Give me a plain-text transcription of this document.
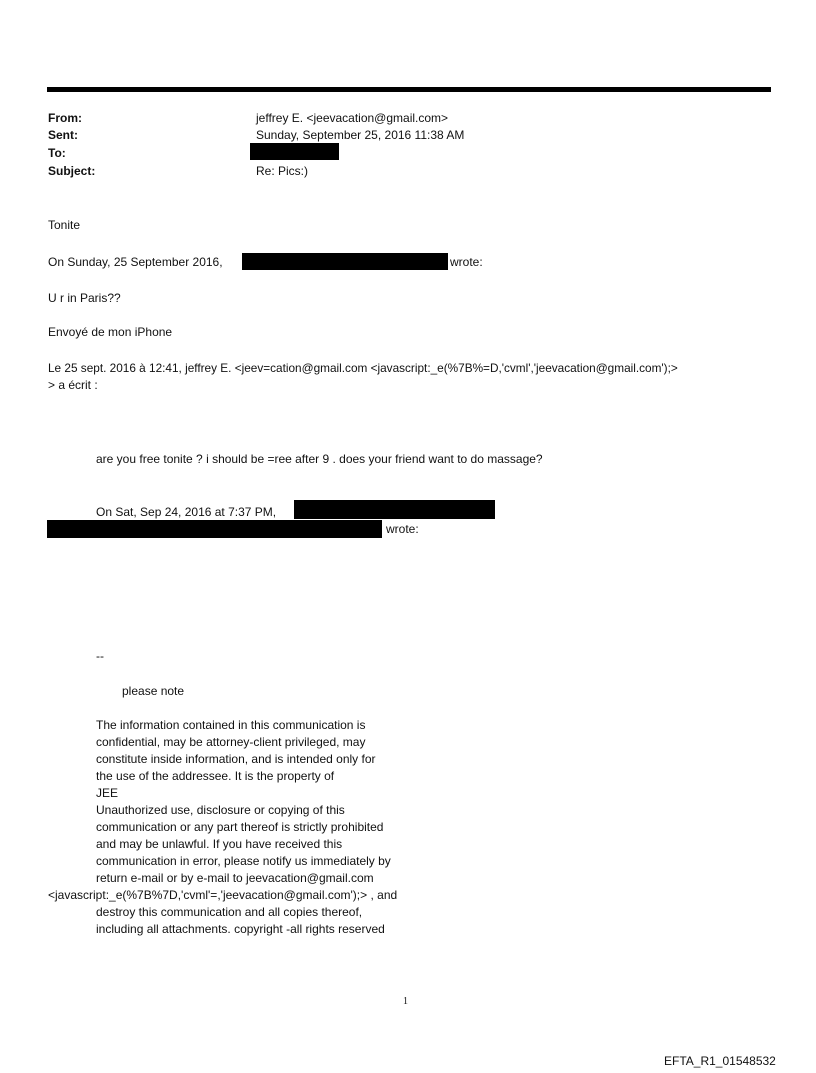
From:	jeffrey E. <jeevacation@gmail.com>
Sent:	Sunday, September 25, 2016 11:38 AM
To:
Subject:	Re: Pics:)
Tonite
On Sunday, 25 September 2016,	wrote:
U r in Paris??
Envoyé de mon iPhone
Le 25 sept. 2016 à 12:41, jeffrey E. <jeev=cation@gmail.com <javascript:_e(%7B%=D,'cvml','jeevacation@gmail.com');>
> a écrit :
are you free tonite ? i should be =ree after 9 . does your friend want to do massage?
On Sat, Sep 24, 2016 at 7:37 PM,
wrote:
--
please note
The information contained in this communication is
confidential, may be attorney-client privileged, may
constitute inside information, and is intended only for
the use of the addressee. It is the property of
JEE
Unauthorized use, disclosure or copying of this
communication or any part thereof is strictly prohibited
and may be unlawful. If you have received this
communication in error, please notify us immediately by
return e-mail or by e-mail to jeevacation@gmail.com
<javascript:_e(%7B%7D,'cvml'=,'jeevacation@gmail.com');> , and
destroy this communication and all copies thereof,
including all attachments. copyright -all rights reserved
1
EFTA_R1_01548532
